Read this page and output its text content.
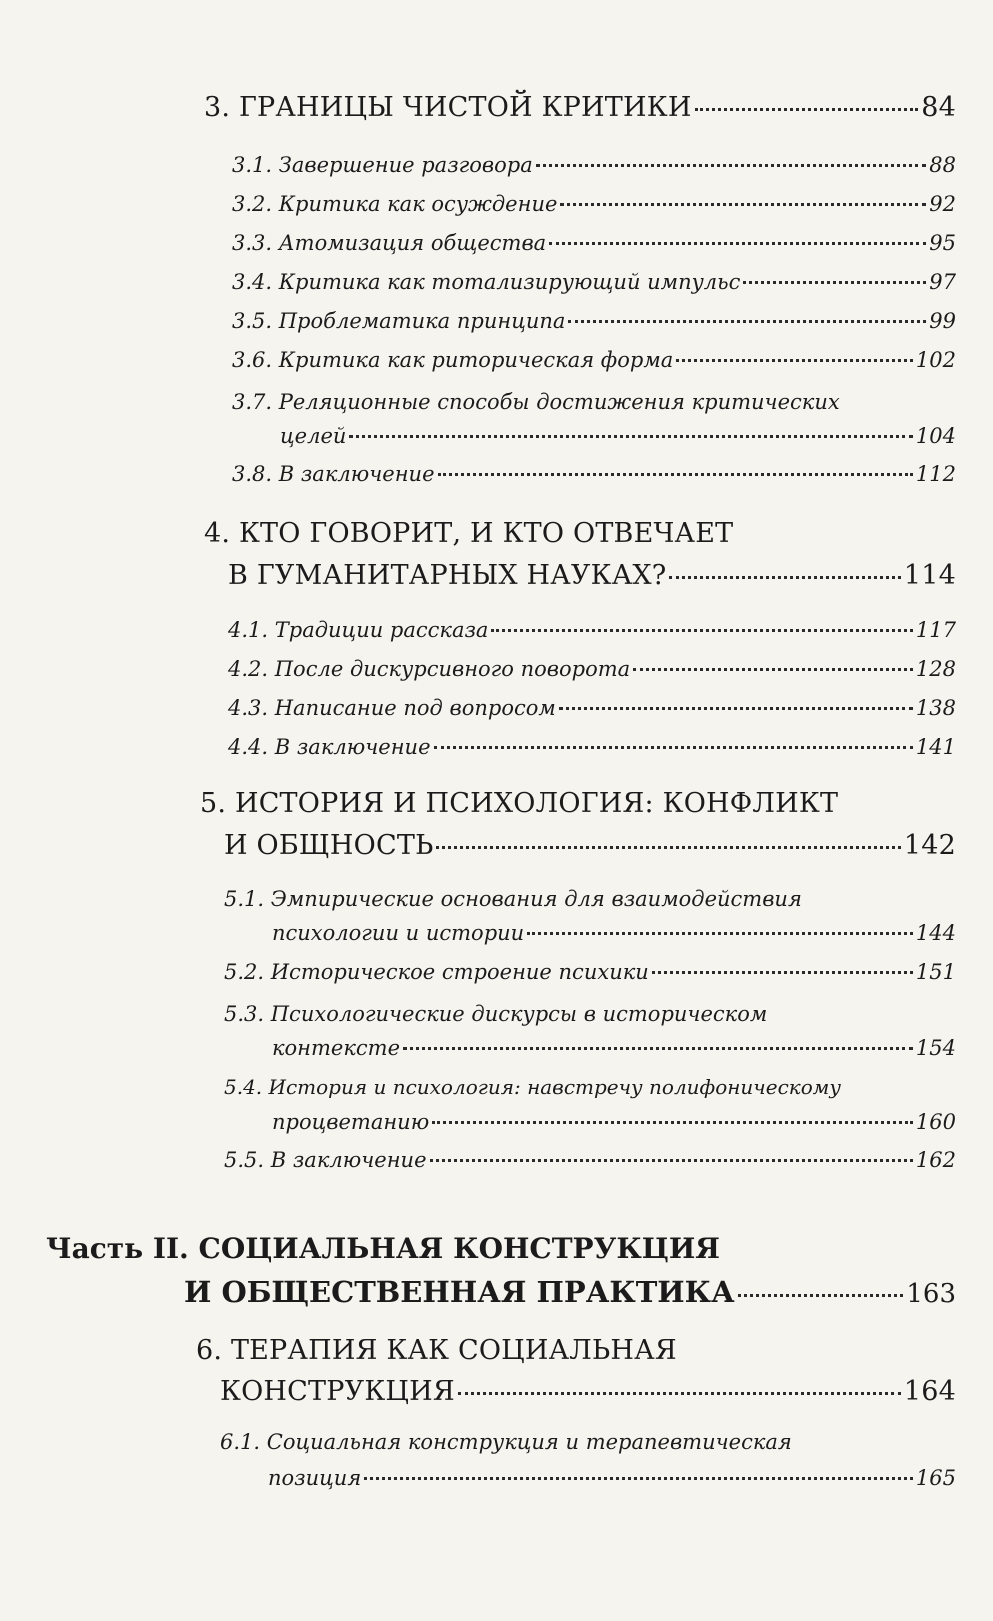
3. ГРАНИЦЫ ЧИСТОЙ КРИТИКИ	84
3.1. Завершение разговора	88
3.2. Критика как осуждение	92
3.3. Атомизация общества	95
3.4. Критика как тотализирующий импульс	97
3.5. Проблематика принципа	99
3.6. Критика как риторическая форма	102
3.7. Реляционные способы достижения критических
целей	104
3.8. В заключение	112
4. КТО ГОВОРИТ, И КТО ОТВЕЧАЕТ
В ГУМАНИТАРНЫХ НАУКАХ?	114
4.1. Традиции рассказа	117
4.2. После дискурсивного поворота	128
4.3. Написание под вопросом	138
4.4. В заключение	141
5. ИСТОРИЯ И ПСИХОЛОГИЯ: КОНФЛИКТ
И ОБЩНОСТЬ	142
5.1. Эмпирические основания для взаимодействия
психологии и истории	144
5.2. Историческое строение психики	151
5.3. Психологические дискурсы в историческом
контексте	154
5.4. История и психология: навстречу полифоническому
процветанию	160
5.5. В заключение	162
Часть II. СОЦИАЛЬНАЯ КОНСТРУКЦИЯ
И ОБЩЕСТВЕННАЯ ПРАКТИКА	163
6. ТЕРАПИЯ КАК СОЦИАЛЬНАЯ
КОНСТРУКЦИЯ	164
6.1. Социальная конструкция и терапевтическая
позиция	165
